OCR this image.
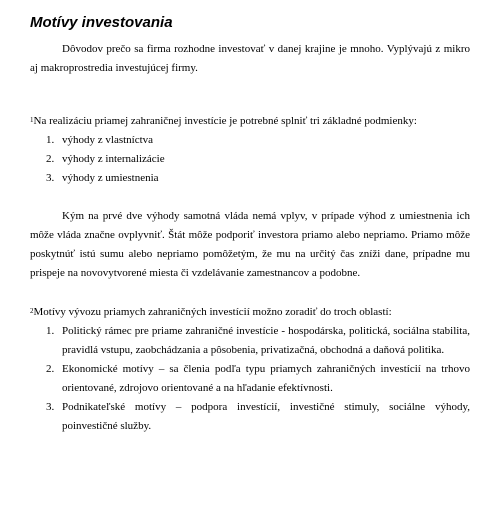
Motívy investovania

Dôvodov prečo sa firma rozhodne investovať v danej krajine je mnoho. Vyplývajú z mikro aj makroprostredia investujúcej firmy.

$^1$Na realizáciu priamej zahraničnej investície je potrebné splniť tri základné podmienky:

1. výhody z vlastníctva
2. výhody z internalizácie
3. výhody z umiestnenia

Kým na prvé dve výhody samotná vláda nemá vplyv, v prípade výhod z umiestnenia ich môže vláda značne ovplyvniť. Štát môže podporiť investora priamo alebo nepriamo. Priamo môže poskytnúť istú sumu alebo nepriamo pomôžetým, že mu na určitý čas zníži dane, prípadne mu prispeje na novovytvorené miesta či vzdelávanie zamestnancov a podobne.

$^2$Motívy vývozu priamych zahraničných investícií možno zoradiť do troch oblastí:

1. Politický rámec pre priame zahraničné investície - hospodárska, politická, sociálna stabilita, pravidlá vstupu, zaobchádzania a pôsobenia, privatizačná, obchodná a daňová politika.
2. Ekonomické motívy – sa členia podľa typu priamych zahraničných investícií na trhovo orientované, zdrojovo orientované a na hľadanie efektívnosti.
3. Podnikateľské motívy – podpora investícií, investičné stimuly, sociálne výhody, poinvestičné služby.
